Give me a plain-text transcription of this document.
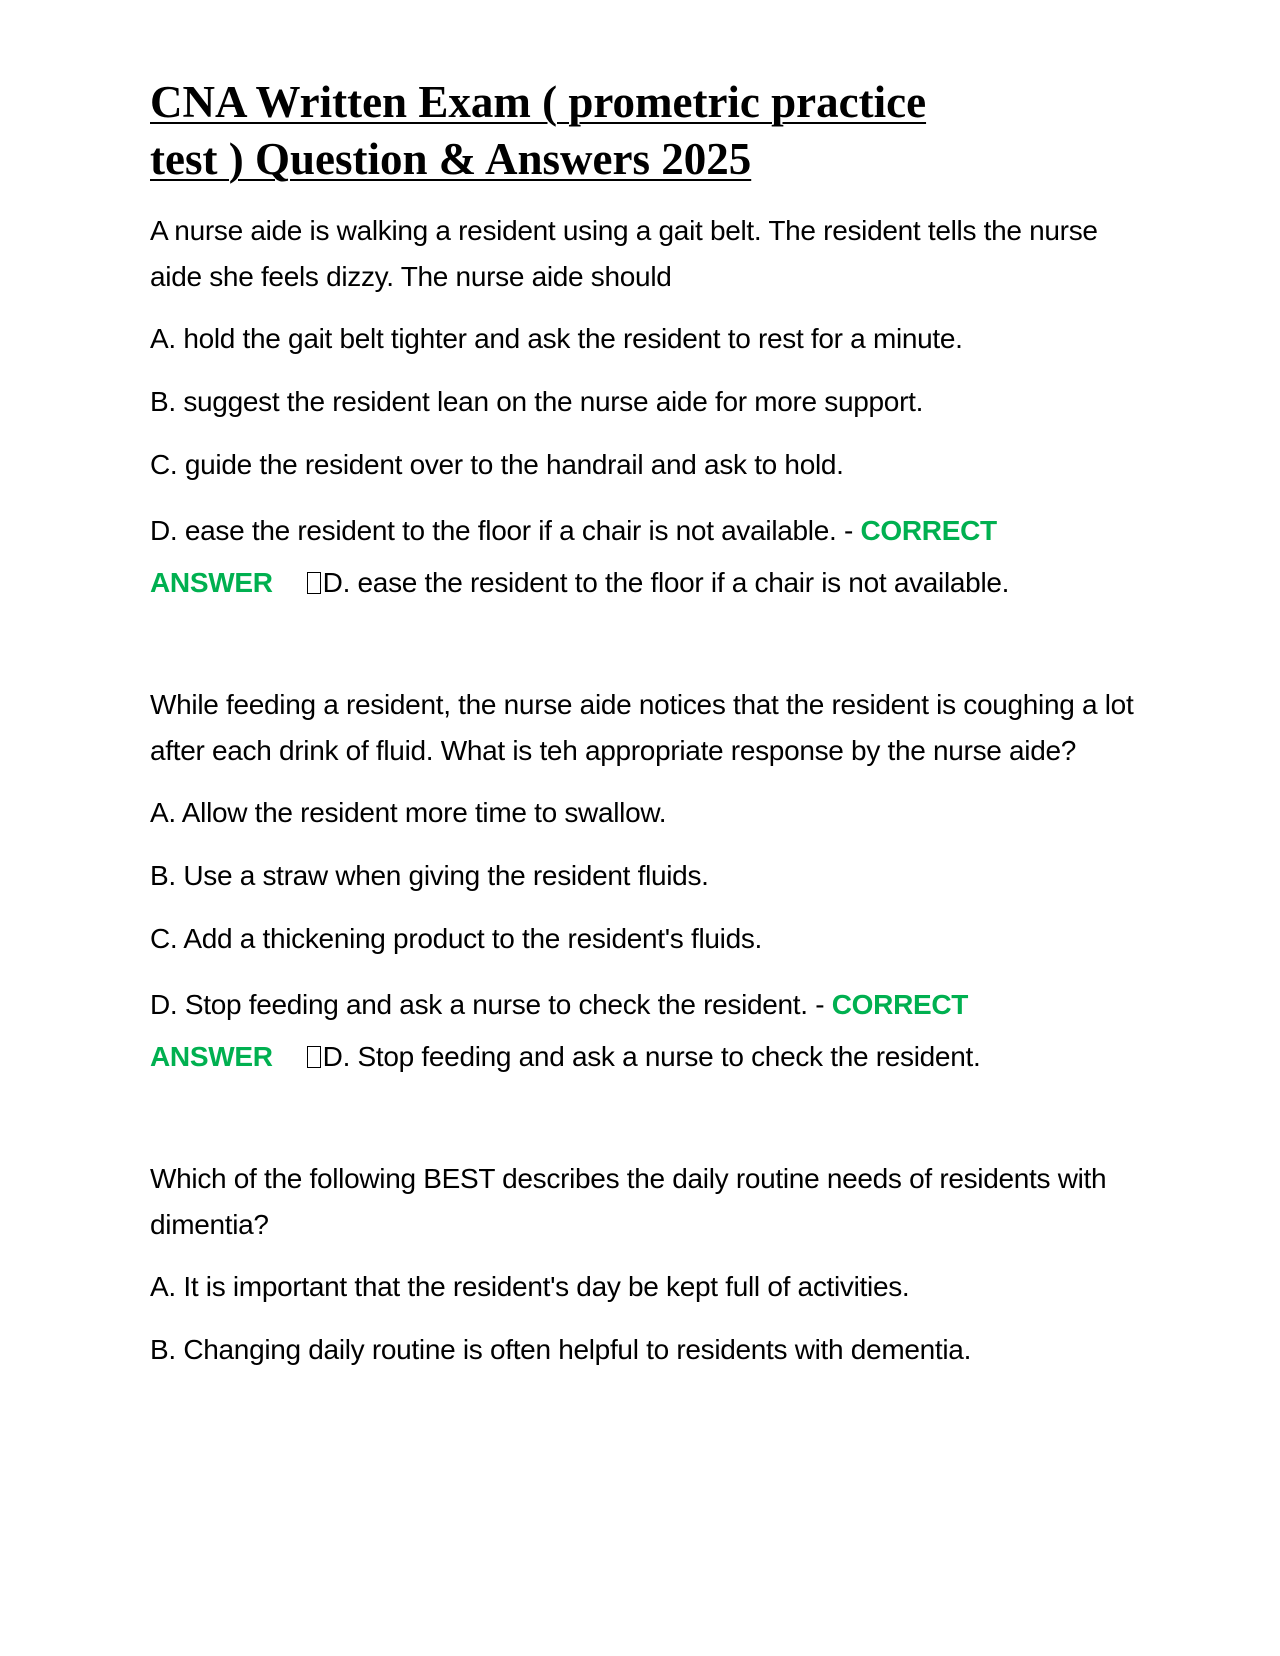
CNA Written Exam ( prometric practice
test ) Question & Answers 2025

A nurse aide is walking a resident using a gait belt. The resident tells the nurse aide she feels dizzy. The nurse aide should

A. hold the gait belt tighter and ask the resident to rest for a minute.

B. suggest the resident lean on the nurse aide for more support.

C. guide the resident over to the handrail and ask to hold.

D. ease the resident to the floor if a chair is not available. - CORRECT
ANSWER D. ease the resident to the floor if a chair is not available.

While feeding a resident, the nurse aide notices that the resident is coughing a lot after each drink of fluid. What is teh appropriate response by the nurse aide?

A. Allow the resident more time to swallow.

B. Use a straw when giving the resident fluids.

C. Add a thickening product to the resident's fluids.

D. Stop feeding and ask a nurse to check the resident. - CORRECT
ANSWER D. Stop feeding and ask a nurse to check the resident.

Which of the following BEST describes the daily routine needs of residents with dimentia?

A. It is important that the resident's day be kept full of activities.

B. Changing daily routine is often helpful to residents with dementia.
